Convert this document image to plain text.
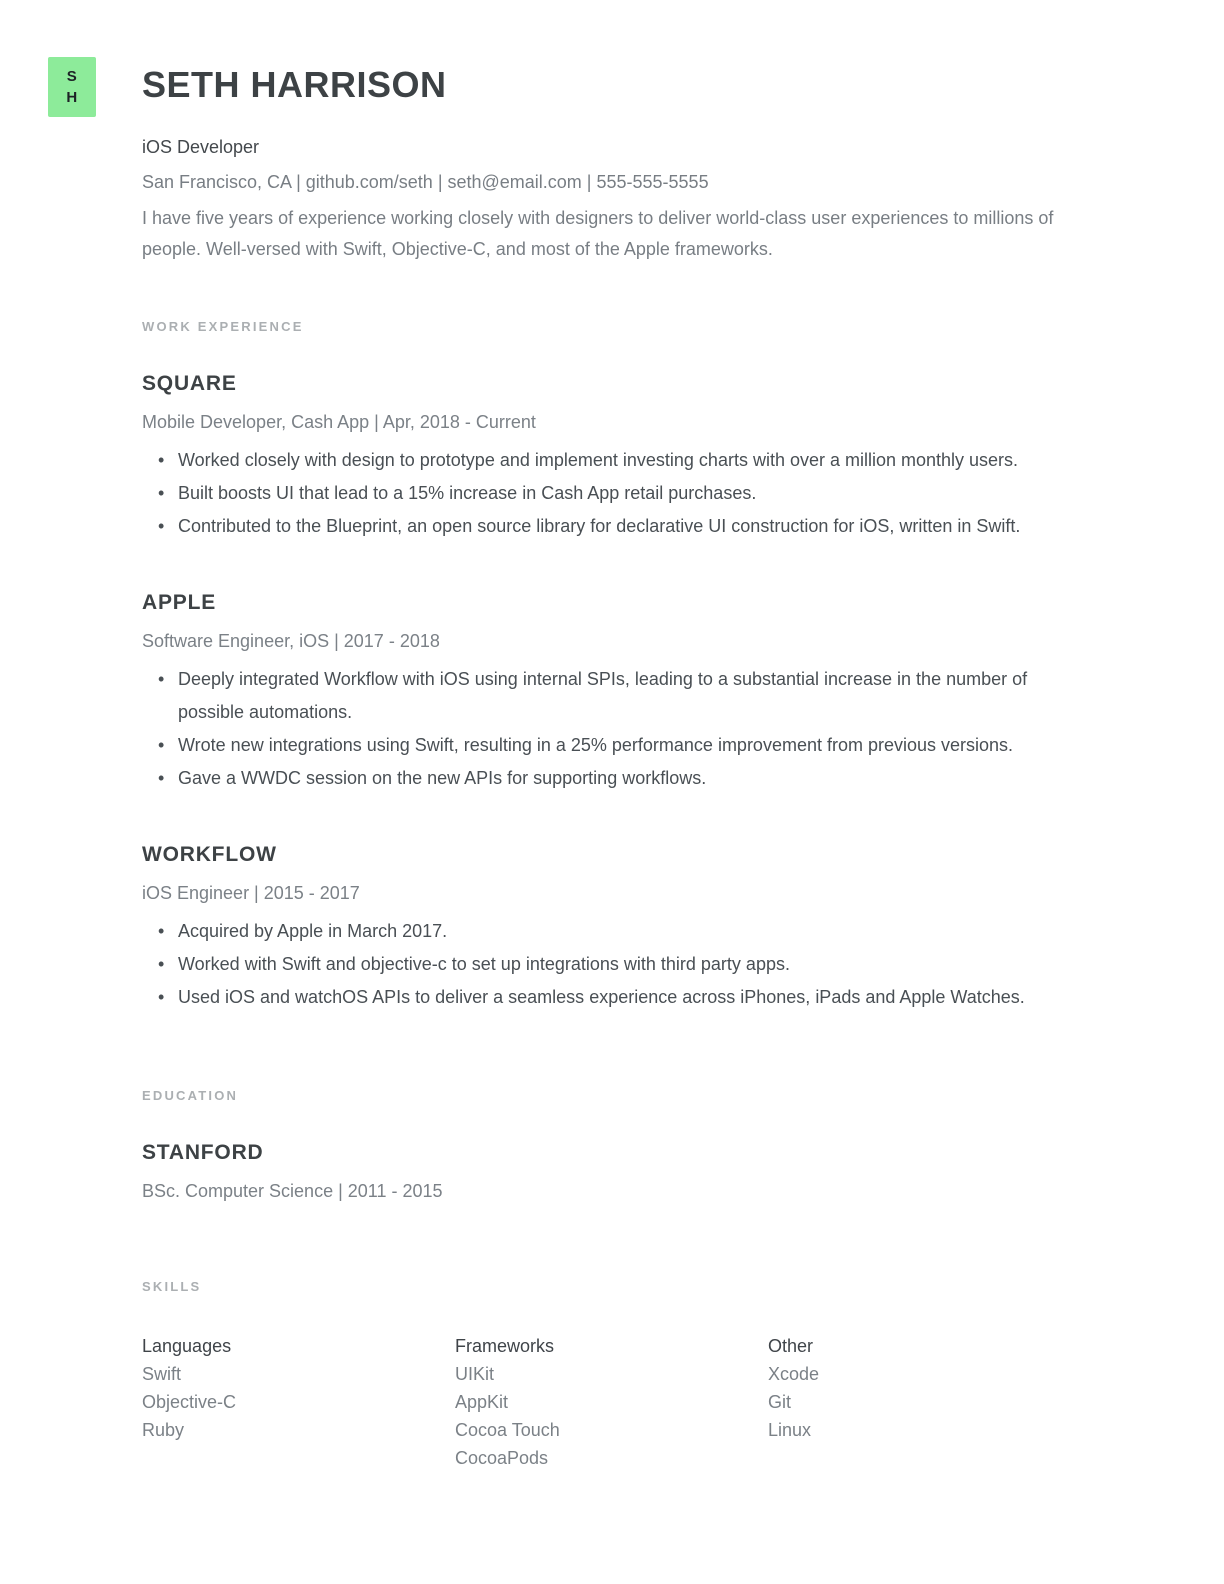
S
H SETH HARRISON
iOS Developer
San Francisco, CA | github.com/seth | seth@email.com | 555-555-5555

I have five years of experience working closely with designers to deliver world-class user experiences to millions of people. Well-versed with Swift, Objective-C, and most of the Apple frameworks.

WORK EXPERIENCE
SQUARE
Mobile Developer, Cash App | Apr, 2018 - Current
• Worked closely with design to prototype and implement investing charts with over a million monthly users.
• Built boosts UI that lead to a 15% increase in Cash App retail purchases.
• Contributed to the Blueprint, an open source library for declarative UI construction for iOS, written in Swift.
APPLE
Software Engineer, iOS | 2017 - 2018
• Deeply integrated Workflow with iOS using internal SPIs, leading to a substantial increase in the number of possible automations.
• Wrote new integrations using Swift, resulting in a 25% performance improvement from previous versions.
• Gave a WWDC session on the new APIs for supporting workflows.
WORKFLOW
iOS Engineer | 2015 - 2017
• Acquired by Apple in March 2017.
• Worked with Swift and objective-c to set up integrations with third party apps.
• Used iOS and watchOS APIs to deliver a seamless experience across iPhones, iPads and Apple Watches.
EDUCATION
STANFORD
BSc. Computer Science | 2011 - 2015
SKILLS
Languages
Swift
Objective-C
Ruby
Frameworks
UIKit
AppKit
Cocoa Touch
CocoaPods
Other
Xcode
Git
Linux
